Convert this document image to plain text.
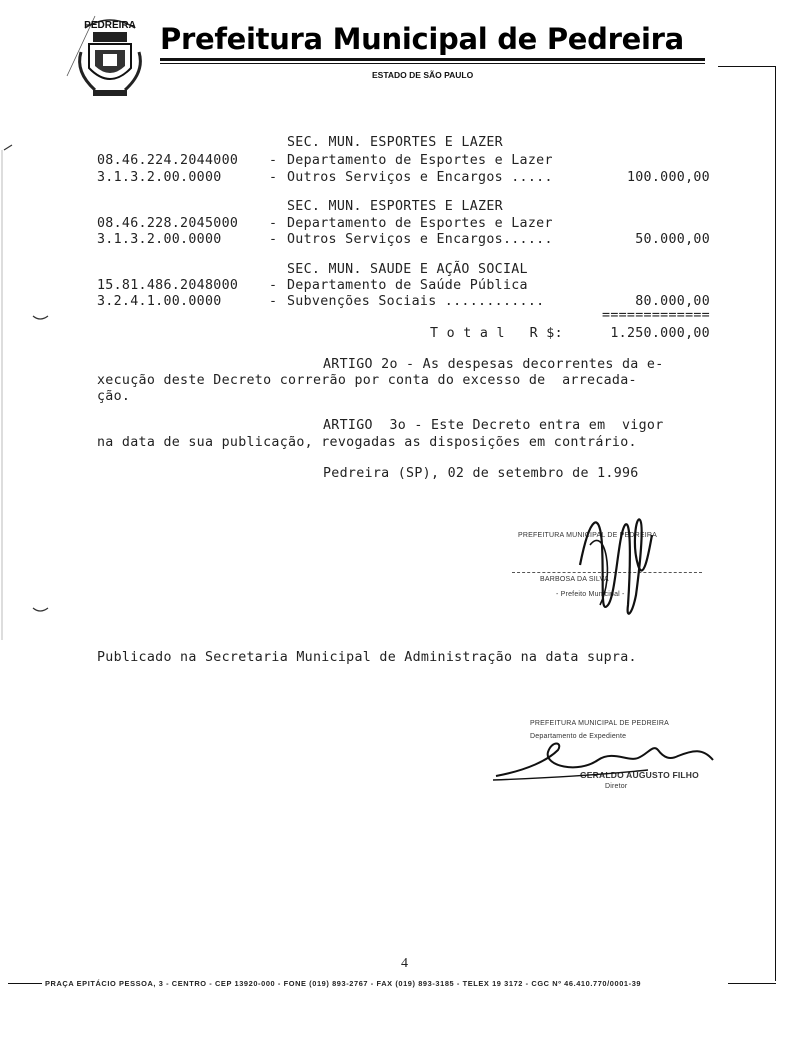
PEDREIRA Prefeitura Municipal de Pedreira
ESTADO DE SÃO PAULO
SEC. MUN. ESPORTES E LAZER
08.46.224.2044000 - Departamento de Esportes e Lazer
3.1.3.2.00.0000	- Outros Serviços e Encargos .....	100.000,00
SEC. MUN. ESPORTES E LAZER
08.46.228.2045000 - Departamento de Esportes e Lazer
3.1.3.2.00.0000	- Outros Serviços e Encargos......	50.000,00
SEC. MUN. SAUDE E AÇÃO SOCIAL
15.81.486.2048000 - Departamento de Saúde Pública
3.2.4.1.00.0000	- Subvenções Sociais ............	80.000,00
=============
T o t a l   R $:	1.250.000,00
ARTIGO 2o - As despesas decorrentes da e-
xecução deste Decreto correrão por conta do excesso de  arrecada-
ção.
ARTIGO  3o - Este Decreto entra em  vigor
na data de sua publicação, revogadas as disposições em contrário.
Pedreira (SP), 02 de setembro de 1.996
PREFEITURA MUNICIPAL DE PEDREIRA
BARBOSA DA SILVA
- Prefeito Municipal -
Publicado na Secretaria Municipal de Administração na data supra.
PREFEITURA MUNICIPAL DE PEDREIRA
Departamento de Expediente
GERALDO AUGUSTO FILHO
Diretor
4
PRAÇA EPITÁCIO PESSOA, 3 - CENTRO - CEP 13920-000 - FONE (019) 893-2767 - FAX (019) 893-3185 - TELEX 19 3172 - CGC Nº 46.410.770/0001-39
